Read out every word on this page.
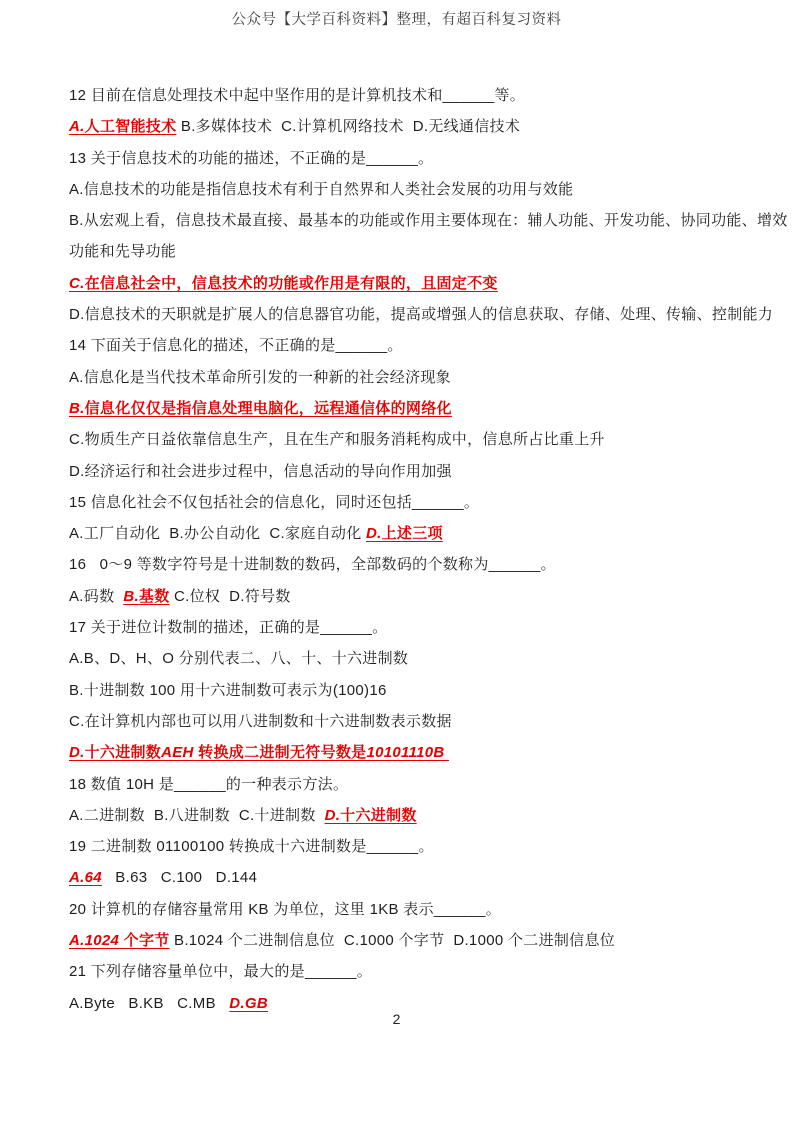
公众号【大学百科资料】整理，有超百科复习资料
12 目前在信息处理技术中起中坚作用的是计算机技术和______等。
A.人工智能技术 B.多媒体技术  C.计算机网络技术  D.无线通信技术
13 关于信息技术的功能的描述，不正确的是______。
A.信息技术的功能是指信息技术有利于自然界和人类社会发展的功用与效能
B.从宏观上看，信息技术最直接、最基本的功能或作用主要体现在：辅人功能、开发功能、协同功能、增效
功能和先导功能
C.在信息社会中，信息技术的功能或作用是有限的，且固定不变
D.信息技术的天职就是扩展人的信息器官功能，提高或增强人的信息获取、存储、处理、传输、控制能力
14 下面关于信息化的描述，不正确的是______。
A.信息化是当代技术革命所引发的一种新的社会经济现象
B.信息化仅仅是指信息处理电脑化，远程通信体的网络化
C.物质生产日益依靠信息生产，且在生产和服务消耗构成中，信息所占比重上升
D.经济运行和社会进步过程中，信息活动的导向作用加强
15 信息化社会不仅包括社会的信息化，同时还包括______。
A.工厂自动化  B.办公自动化  C.家庭自动化 D.上述三项
16   0～9 等数字符号是十进制数的数码，全部数码的个数称为______。
A.码数  B.基数 C.位权  D.符号数
17 关于进位计数制的描述，正确的是______。
A.B、D、H、O 分别代表二、八、十、十六进制数
B.十进制数 100 用十六进制数可表示为(100)16
C.在计算机内部也可以用八进制数和十六进制数表示数据
D.十六进制数AEH 转换成二进制无符号数是10101110B
18 数值 10H 是______的一种表示方法。
A.二进制数  B.八进制数  C.十进制数  D.十六进制数
19 二进制数 01100100 转换成十六进制数是______。
A.64   B.63   C.100   D.144
20 计算机的存储容量常用 KB 为单位，这里 1KB 表示______。
A.1024 个字节 B.1024 个二进制信息位  C.1000 个字节  D.1000 个二进制信息位
21 下列存储容量单位中，最大的是______。
A.Byte   B.KB   C.MB   D.GB
2
